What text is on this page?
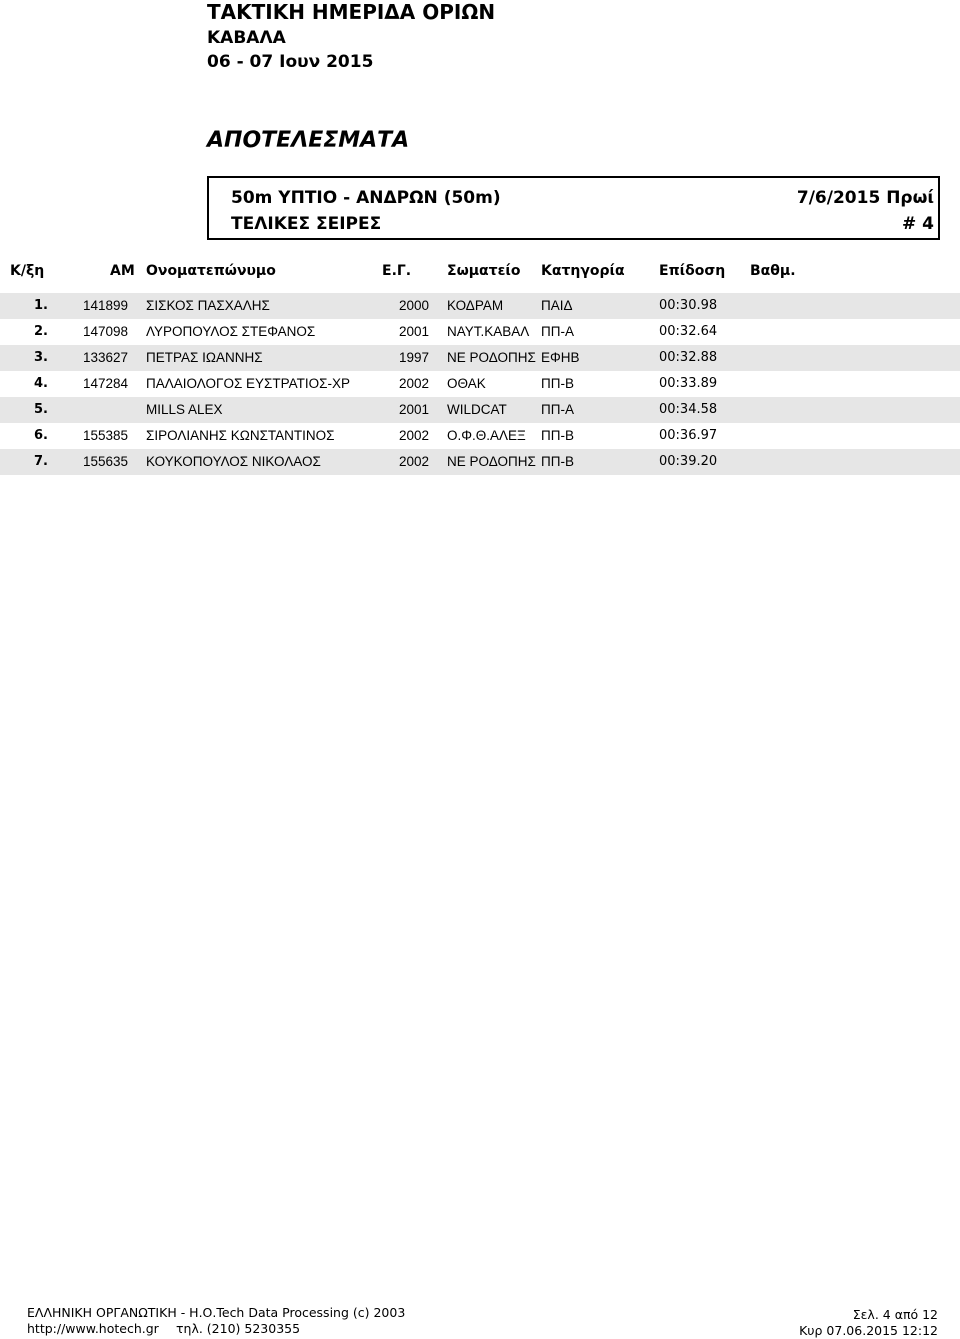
ΤΑΚΤΙΚΗ ΗΜΕΡΙΔΑ ΟΡΙΩΝ
ΚΑΒΑΛΑ
06 - 07 Ιουν 2015
ΑΠΟΤΕΛΕΣΜΑΤΑ
50m ΥΠΤΙΟ - ΑΝΔΡΩΝ (50m)	7/6/2015 Πρωί
ΤΕΛΙΚΕΣ ΣΕΙΡΕΣ	# 4
Κ/ξη	ΑΜ Ονοματεπώνυμο	Ε.Γ.	Σωματείο Κατηγορία Επίδοση Βαθμ.
1.	141899 ΣΙΣΚΟΣ ΠΑΣΧΑΛΗΣ	2000 ΚΟΔΡΑΜ	ΠΑΙΔ	00:30.98
2.	147098 ΛΥΡΟΠΟΥΛΟΣ ΣΤΕΦΑΝΟΣ	2001 ΝΑΥΤ.ΚΑΒΑΛ ΠΠ-Α	00:32.64
3.	133627 ΠΕΤΡΑΣ ΙΩΑΝΝΗΣ	1997 ΝΕ ΡΟΔΟΠΗΣ ΕΦΗΒ	00:32.88
4.	147284 ΠΑΛΑΙΟΛΟΓΟΣ ΕΥΣΤΡΑΤΙΟΣ-ΧΡ	2002 ΟΘΑΚ	ΠΠ-Β	00:33.89
5.	MILLS ALEX	2001 WILDCAT	ΠΠ-Α	00:34.58
6.	155385 ΣΙΡΟΛΙΑΝΗΣ ΚΩΝΣΤΑΝΤΙΝΟΣ	2002 Ο.Φ.Θ.ΑΛΕΞ ΠΠ-Β	00:36.97
7.	155635 ΚΟΥΚΟΠΟΥΛΟΣ ΝΙΚΟΛΑΟΣ	2002 ΝΕ ΡΟΔΟΠΗΣ ΠΠ-Β	00:39.20
ΕΛΛΗΝΙΚΗ ΟΡΓΑΝΩΤΙΚΗ - Η.Ο.Tech Data Processing (c) 2003
http://www.hotech.gr τηλ. (210) 5230355
Σελ. 4 από 12
Κυρ 07.06.2015 12:12
